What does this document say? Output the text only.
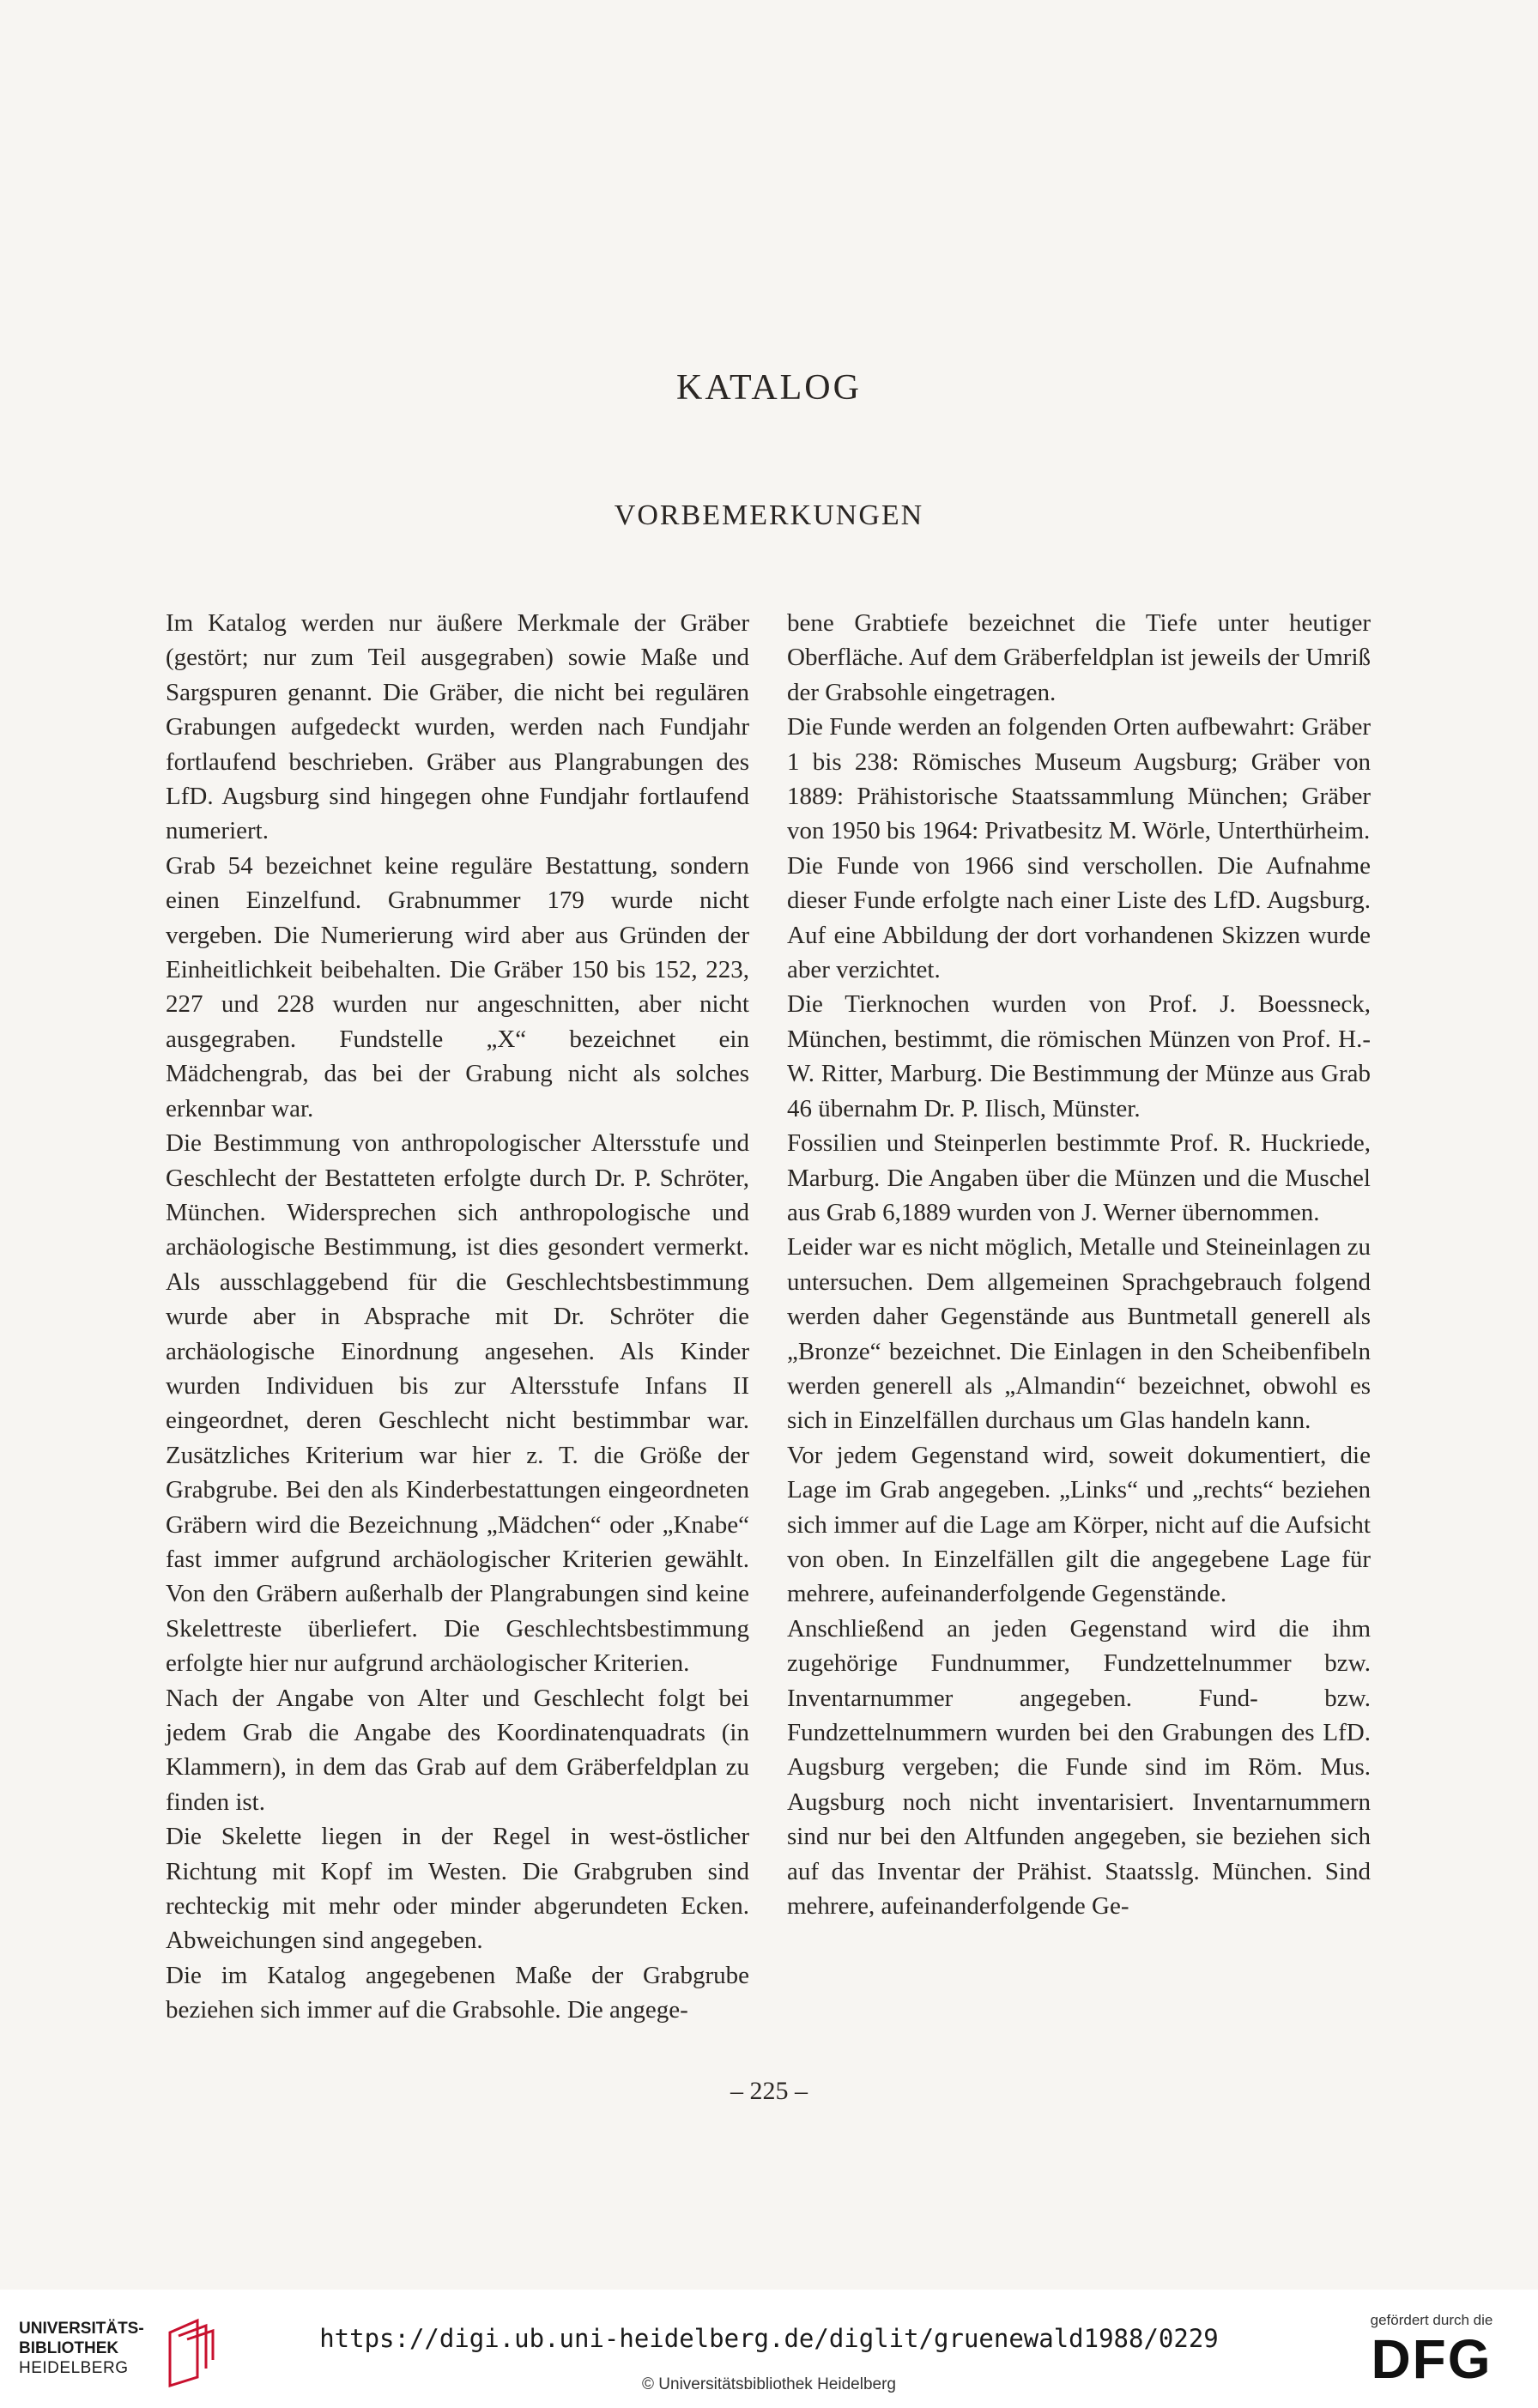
KATALOG
VORBEMERKUNGEN

Im Katalog werden nur äußere Merkmale der Gräber (gestört; nur zum Teil ausgegraben) sowie Maße und Sargspuren genannt. Die Gräber, die nicht bei regulären Grabungen aufgedeckt wurden, werden nach Fundjahr fortlaufend beschrieben. Gräber aus Plangrabungen des LfD. Augsburg sind hingegen ohne Fundjahr fortlaufend numeriert.

Grab 54 bezeichnet keine reguläre Bestattung, sondern einen Einzelfund. Grabnummer 179 wurde nicht vergeben. Die Numerierung wird aber aus Gründen der Einheitlichkeit beibehalten. Die Gräber 150 bis 152, 223, 227 und 228 wurden nur angeschnitten, aber nicht ausgegraben. Fundstelle „X“ bezeichnet ein Mädchengrab, das bei der Grabung nicht als solches erkennbar war.

Die Bestimmung von anthropologischer Altersstufe und Geschlecht der Bestatteten erfolgte durch Dr. P. Schröter, München. Widersprechen sich anthropologische und archäologische Bestimmung, ist dies gesondert vermerkt. Als ausschlaggebend für die Geschlechtsbestimmung wurde aber in Absprache mit Dr. Schröter die archäologische Einordnung angesehen. Als Kinder wurden Individuen bis zur Altersstufe Infans II eingeordnet, deren Geschlecht nicht bestimmbar war. Zusätzliches Kriterium war hier z. T. die Größe der Grabgrube. Bei den als Kinderbestattungen eingeordneten Gräbern wird die Bezeichnung „Mädchen“ oder „Knabe“ fast immer aufgrund archäologischer Kriterien gewählt. Von den Gräbern außerhalb der Plangrabungen sind keine Skelettreste überliefert. Die Geschlechtsbestimmung erfolgte hier nur aufgrund archäologischer Kriterien.

Nach der Angabe von Alter und Geschlecht folgt bei jedem Grab die Angabe des Koordinatenquadrats (in Klammern), in dem das Grab auf dem Gräberfeldplan zu finden ist.

Die Skelette liegen in der Regel in west-östlicher Richtung mit Kopf im Westen. Die Grabgruben sind rechteckig mit mehr oder minder abgerundeten Ecken. Abweichungen sind angegeben.

Die im Katalog angegebenen Maße der Grabgrube beziehen sich immer auf die Grabsohle. Die angege-

bene Grabtiefe bezeichnet die Tiefe unter heutiger Oberfläche. Auf dem Gräberfeldplan ist jeweils der Umriß der Grabsohle eingetragen.

Die Funde werden an folgenden Orten aufbewahrt: Gräber 1 bis 238: Römisches Museum Augsburg; Gräber von 1889: Prähistorische Staatssammlung München; Gräber von 1950 bis 1964: Privatbesitz M. Wörle, Unterthürheim.

Die Funde von 1966 sind verschollen. Die Aufnahme dieser Funde erfolgte nach einer Liste des LfD. Augsburg. Auf eine Abbildung der dort vorhandenen Skizzen wurde aber verzichtet.

Die Tierknochen wurden von Prof. J. Boessneck, München, bestimmt, die römischen Münzen von Prof. H.-W. Ritter, Marburg. Die Bestimmung der Münze aus Grab 46 übernahm Dr. P. Ilisch, Münster.

Fossilien und Steinperlen bestimmte Prof. R. Huckriede, Marburg. Die Angaben über die Münzen und die Muschel aus Grab 6,1889 wurden von J. Werner übernommen.

Leider war es nicht möglich, Metalle und Steineinlagen zu untersuchen. Dem allgemeinen Sprachgebrauch folgend werden daher Gegenstände aus Buntmetall generell als „Bronze“ bezeichnet. Die Einlagen in den Scheibenfibeln werden generell als „Almandin“ bezeichnet, obwohl es sich in Einzelfällen durchaus um Glas handeln kann.

Vor jedem Gegenstand wird, soweit dokumentiert, die Lage im Grab angegeben. „Links“ und „rechts“ beziehen sich immer auf die Lage am Körper, nicht auf die Aufsicht von oben. In Einzelfällen gilt die angegebene Lage für mehrere, aufeinanderfolgende Gegenstände.

Anschließend an jeden Gegenstand wird die ihm zugehörige Fundnummer, Fundzettelnummer bzw. Inventarnummer angegeben. Fund- bzw. Fundzettelnummern wurden bei den Grabungen des LfD. Augsburg vergeben; die Funde sind im Röm. Mus. Augsburg noch nicht inventarisiert. Inventarnummern sind nur bei den Altfunden angegeben, sie beziehen sich auf das Inventar der Prähist. Staatsslg. München. Sind mehrere, aufeinanderfolgende Ge-

– 225 –
UNIVERSITÄTS-
BIBLIOTHEK
HEIDELBERG
https://digi.ub.uni-heidelberg.de/diglit/gruenewald1988/0229
© Universitätsbibliothek Heidelberg
gefördert durch die
DFG
